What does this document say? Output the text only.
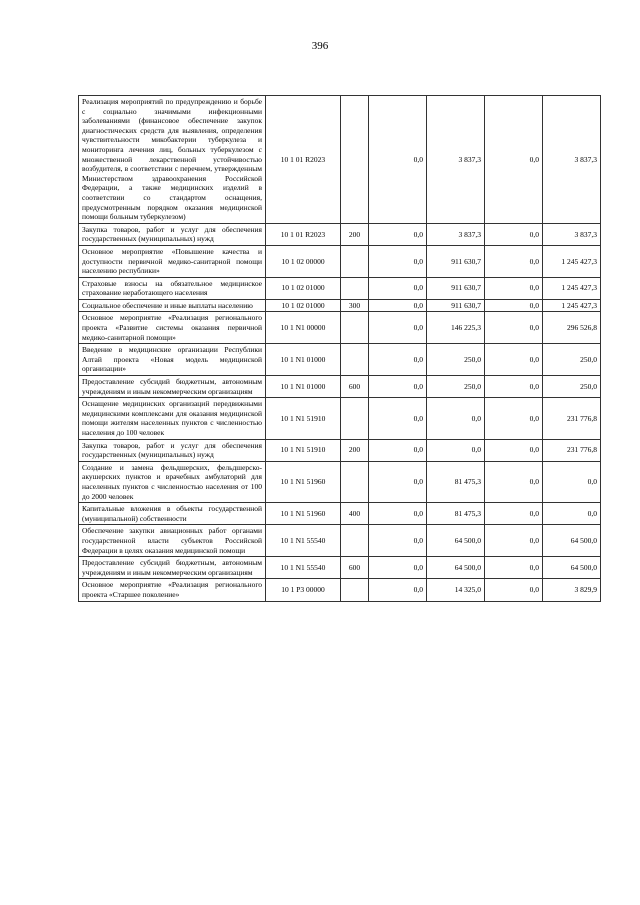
396
Реализация мероприятий по предупреждению и борьбе с социально значимыми инфекционными заболеваниями (финансовое обеспечение закупок диагностических средств для выявления, определения чувствительности микобактерии туберкулеза и мониторинга лечения лиц, больных туберкулезом с множественной лекарственной устойчивостью возбудителя, в соответствии с перечнем, утвержденным Министерством здравоохранения Российской Федерации, а также медицинских изделий в соответствии со стандартом оснащения, предусмотренным порядком оказания медицинской помощи больным туберкулезом)	10 1 01 R2023		0,0	3 837,3	0,0	3 837,3
Закупка товаров, работ и услуг для обеспечения государственных (муниципальных) нужд	10 1 01 R2023	200	0,0	3 837,3	0,0	3 837,3
Основное мероприятие «Повышение качества и доступности первичной медико-санитарной помощи населению республики»	10 1 02 00000		0,0	911 630,7	0,0	1 245 427,3
Страховые взносы на обязательное медицинское страхование неработающего населения	10 1 02 01000		0,0	911 630,7	0,0	1 245 427,3
Социальное обеспечение и иные выплаты населению	10 1 02 01000	300	0,0	911 630,7	0,0	1 245 427,3
Основное мероприятие «Реализация регионального проекта «Развитие системы оказания первичной медико-санитарной помощи»	10 1 N1 00000		0,0	146 225,3	0,0	296 526,8
Введение в медицинские организации Республики Алтай проекта «Новая модель медицинской организации»	10 1 N1 01000		0,0	250,0	0,0	250,0
Предоставление субсидий бюджетным, автономным учреждениям и иным некоммерческим организациям	10 1 N1 01000	600	0,0	250,0	0,0	250,0
Оснащение медицинских организаций передвижными медицинскими комплексами для оказания медицинской помощи жителям населенных пунктов с численностью населения до 100 человек	10 1 N1 51910		0,0	0,0	0,0	231 776,8
Закупка товаров, работ и услуг для обеспечения государственных (муниципальных) нужд	10 1 N1 51910	200	0,0	0,0	0,0	231 776,8
Создание и замена фельдшерских, фельдшерско-акушерских пунктов и врачебных амбулаторий для населенных пунктов с численностью населения от 100 до 2000 человек	10 1 N1 51960		0,0	81 475,3	0,0	0,0
Капитальные вложения в объекты государственной (муниципальной) собственности	10 1 N1 51960	400	0,0	81 475,3	0,0	0,0
Обеспечение закупки авиационных работ органами государственной власти субъектов Российской Федерации в целях оказания медицинской помощи	10 1 N1 55540		0,0	64 500,0	0,0	64 500,0
Предоставление субсидий бюджетным, автономным учреждениям и иным некоммерческим организациям	10 1 N1 55540	600	0,0	64 500,0	0,0	64 500,0
Основное мероприятие «Реализация регионального проекта «Старшее поколение»	10 1 P3 00000		0,0	14 325,0	0,0	3 829,9
